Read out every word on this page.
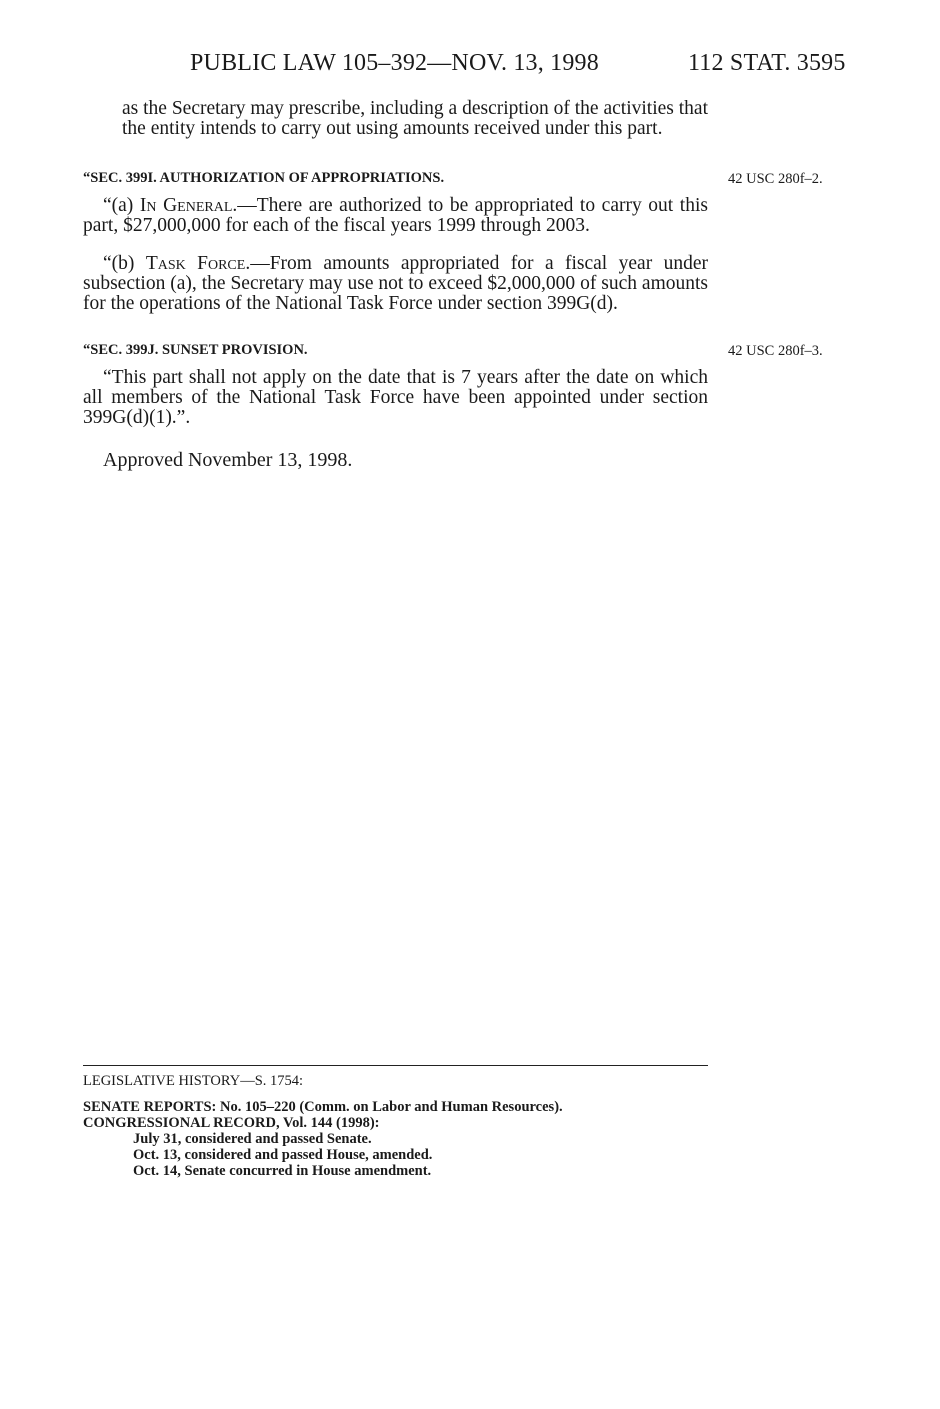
PUBLIC LAW 105–392—NOV. 13, 1998	112 STAT. 3595
as the Secretary may prescribe, including a description of the activities that the entity intends to carry out using amounts received under this part.
“SEC. 399I. AUTHORIZATION OF APPROPRIATIONS.	42 USC 280f–2.
“(a) In General.—There are authorized to be appropriated to carry out this part, $27,000,000 for each of the fiscal years 1999 through 2003.
“(b) Task Force.—From amounts appropriated for a fiscal year under subsection (a), the Secretary may use not to exceed $2,000,000 of such amounts for the operations of the National Task Force under section 399G(d).
“SEC. 399J. SUNSET PROVISION.	42 USC 280f–3.
“This part shall not apply on the date that is 7 years after the date on which all members of the National Task Force have been appointed under section 399G(d)(1).”.
Approved November 13, 1998.
LEGISLATIVE HISTORY—S. 1754:
SENATE REPORTS: No. 105–220 (Comm. on Labor and Human Resources).
CONGRESSIONAL RECORD, Vol. 144 (1998):
July 31, considered and passed Senate.
Oct. 13, considered and passed House, amended.
Oct. 14, Senate concurred in House amendment.
